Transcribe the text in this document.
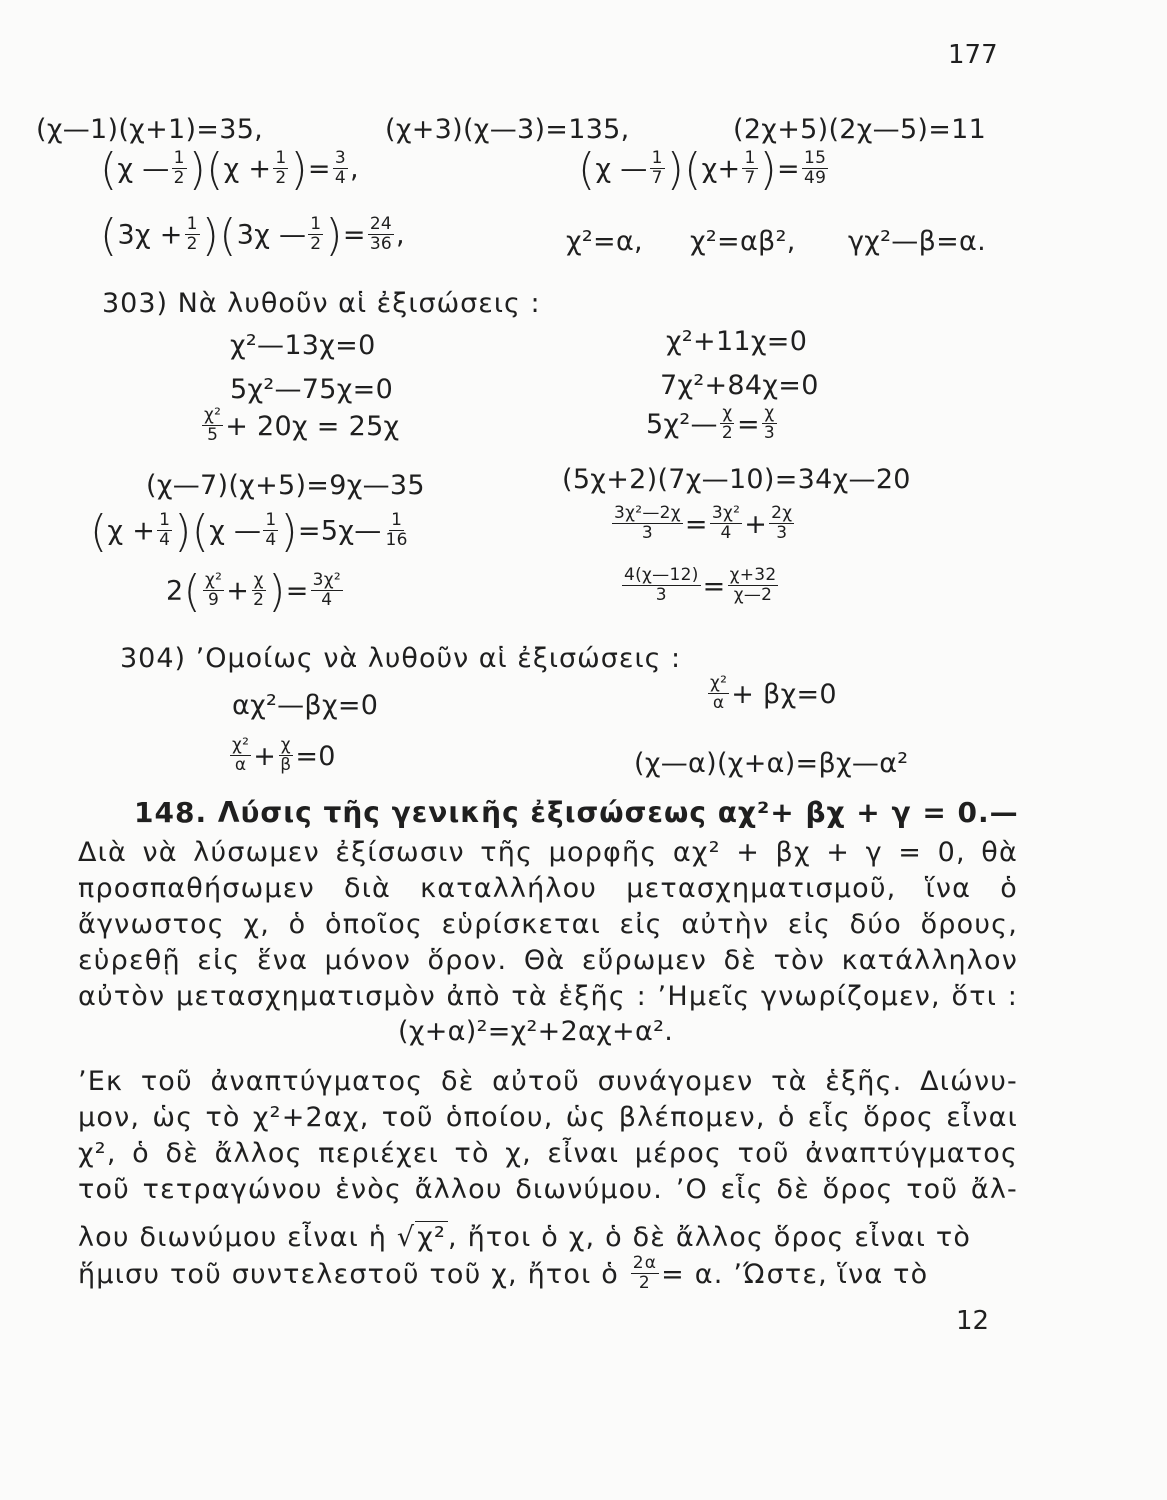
177
(χ—1)(χ+1)=35,	(χ+3)(χ—3)=135,	(2χ+5)(2χ—5)=11
(χ — $\frac{1}{2} )(\chi + \frac{1}{2}$ )= $\frac{3}{4}$ ,	(χ — $\frac{1}{7} )(\chi+ \frac{1}{7}$ )= $\frac{15}{49}$
$(3\chi + \frac{1}{2} )(3\chi$ — $\frac{1}{2}$ )= $\frac{24}{36}$ ,	χ²=α, χ²=αβ², γχ²—β=α.
303) Νὰ λυθοῦν αἱ ἐξισώσεις :
χ²—13χ=0	χ²+11χ=0
5χ²—75χ=0	7χ²+84χ=0
$\frac{\text{χ²}}{5} + 20\chi = 25\chi$	5χ²— $\frac{\chi}{2} = \frac{\chi}{3}$
(χ—7)(χ+5)=9χ—35	(5χ+2)(7χ—10)=34χ—20
$(\chi + \frac{1}{4} )(\chi$ — $\frac{1}{4}$ )=5χ— $\frac{1}{16}$	$\frac{\text{3χ²—2χ}}{3} = \frac{\text{3χ²}}{4} + \frac{2\chi}{3}$
$2( \frac{\text{χ²}}{9} + \frac{\chi}{2}$ )= $\frac{\text{3χ²}}{4}$	$\frac{4(\chi—12)}{3} = \frac{\chi+32}{\chi—2}$
304) ʼΟμοίως νὰ λυθοῦν αἱ ἐξισώσεις :
αχ²—βχ=0	$\frac{\text{χ²}}{\alpha} + \beta\chi=0$
$\frac{\text{χ²}}{\alpha} + \frac{\chi}{\beta} =0$	(χ—α)(χ+α)=βχ—α²
148. Λύσις τῆς γενικῆς ἐξισώσεως αχ²+ βχ + γ = 0.—
Διὰ νὰ λύσωμεν ἐξίσωσιν τῆς μορφῆς αχ² + βχ + γ = 0, θὰ
προσπαθήσωμεν διὰ καταλλήλου μετασχηματισμοῦ, ἵνα ὁ
ἄγνωστος χ, ὁ ὁποῖος εὑρίσκεται εἰς αὐτὴν εἰς δύο ὅρους,
εὑρεθῇ εἰς ἕνα μόνον ὅρον. Θὰ εὕρωμεν δὲ τὸν κατάλληλον
αὐτὸν μετασχηματισμὸν ἀπὸ τὰ ἑξῆς : ʼΗμεῖς γνωρίζομεν, ὅτι :
(χ+α)²=χ²+2αχ+α².
ʼΕκ τοῦ ἀναπτύγματος δὲ αὐτοῦ συνάγομεν τὰ ἑξῆς. Διώνυ-
μον, ὡς τὸ χ²+2αχ, τοῦ ὁποίου, ὡς βλέπομεν, ὁ εἷς ὅρος εἶναι
χ², ὁ δὲ ἄλλος περιέχει τὸ χ, εἶναι μέρος τοῦ ἀναπτύγματος
τοῦ τετραγώνου ἑνὸς ἄλλου διωνύμου. ʼΟ εἷς δὲ ὅρος τοῦ ἄλ-
λου διωνύμου εἶναι ἡ √χ², ἤτοι ὁ χ, ὁ δὲ ἄλλος ὅρος εἶναι τὸ
ἥμισυ τοῦ συντελεστοῦ τοῦ χ, ἤτοι ὁ $\frac{2\alpha}{2} = \alpha$. ʼΏστε, ἵνα τὸ
12
